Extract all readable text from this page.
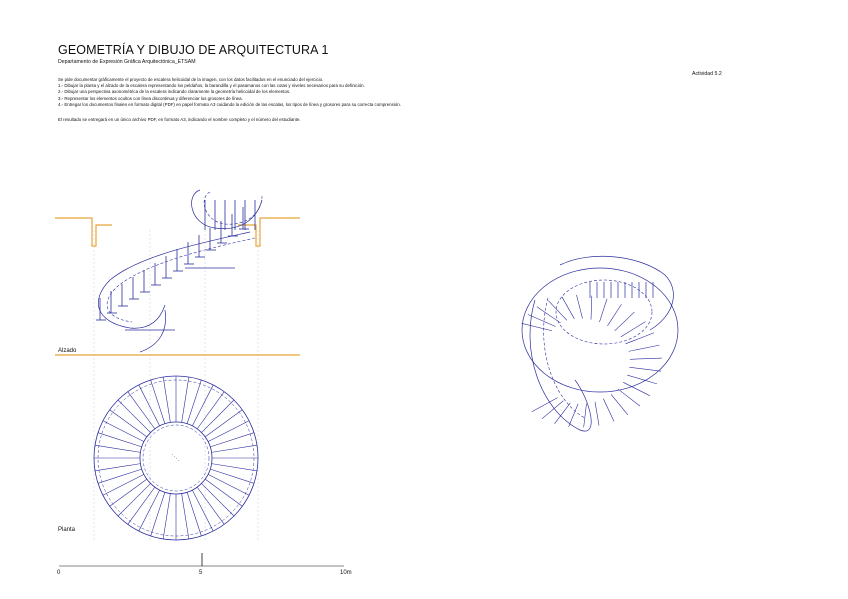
GEOMETRÍA Y DIBUJO DE ARQUITECTURA 1
Departamento de Expresión Gráfica Arquitectónica_ETSAM
Actividad 5.2
Se pide documentar gráficamente el proyecto de escalera helicoidal de la imagen, con los datos facilitados en el enunciado del ejercicio.
1.- Dibujar la planta y el alzado de la escalera representando los peldaños, la barandilla y el pasamanos con las cotas y niveles necesarios para su definición.
2.- Dibujar una perspectiva axonométrica de la escalera indicando claramente la geometría helicoidal de los elementos.
3.- Representar los elementos ocultos con línea discontinua y diferenciar los grosores de línea.
4.- Entregar los documentos finales en formato digital (PDF) en papel formato A3 cuidando la edición de las escalas, los tipos de línea y grosores para su correcta comprensión.
El resultado se entregará en un único archivo PDF, en formato A3, indicando el nombre completo y el número del estudiante.
Alzado
Planta
0	5	10m
